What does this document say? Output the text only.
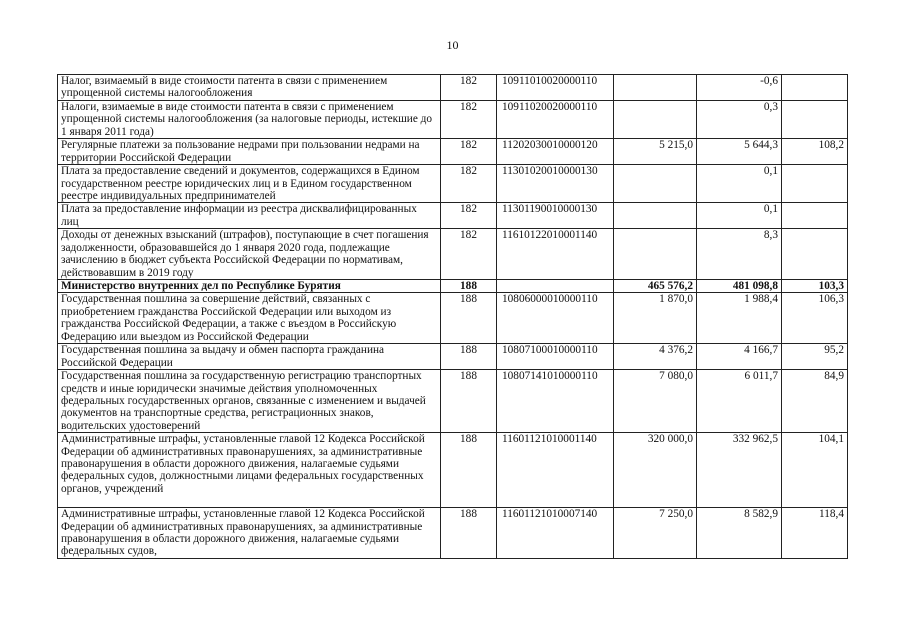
10
Налог, взимаемый в виде стоимости патента в связи с применением упрощенной системы налогообложения	182	10911010020000110		-0,6	
Налоги, взимаемые в виде стоимости патента в связи с применением упрощенной системы налогообложения (за налоговые периоды, истекшие до 1 января 2011 года)	182	10911020020000110		0,3	
Регулярные платежи за пользование недрами при пользовании недрами на территории Российской Федерации	182	11202030010000120	5 215,0	5 644,3	108,2
Плата за предоставление сведений и документов, содержащихся в Едином государственном реестре юридических лиц и в Едином государственном реестре индивидуальных предпринимателей	182	11301020010000130		0,1	
Плата за предоставление информации из реестра дисквалифицированных лиц	182	11301190010000130		0,1	
Доходы от денежных взысканий (штрафов), поступающие в счет погашения задолженности, образовавшейся до 1 января 2020 года, подлежащие зачислению в бюджет субъекта Российской Федерации по нормативам, действовавшим в 2019 году	182	11610122010001140		8,3	
Министерство внутренних дел по Республике Бурятия	188		465 576,2	481 098,8	103,3
Государственная пошлина за совершение действий, связанных с приобретением гражданства Российской Федерации или выходом из гражданства Российской Федерации, а также с въездом в Российскую Федерацию или выездом из Российской Федерации	188	10806000010000110	1 870,0	1 988,4	106,3
Государственная пошлина за выдачу и обмен паспорта гражданина Российской Федерации	188	10807100010000110	4 376,2	4 166,7	95,2
Государственная пошлина за государственную регистрацию транспортных средств и иные юридически значимые действия уполномоченных федеральных государственных органов, связанные с изменением и выдачей документов на транспортные средства, регистрационных знаков, водительских удостоверений	188	10807141010000110	7 080,0	6 011,7	84,9
Административные штрафы, установленные главой 12 Кодекса Российской Федерации об административных правонарушениях, за административные правонарушения в области дорожного движения, налагаемые судьями федеральных судов, должностными лицами федеральных государственных органов, учреждений	188	11601121010001140	320 000,0	332 962,5	104,1
Административные штрафы, установленные главой 12 Кодекса Российской Федерации об административных правонарушениях, за административные правонарушения в области дорожного движения, налагаемые судьями федеральных судов,	188	11601121010007140	7 250,0	8 582,9	118,4
